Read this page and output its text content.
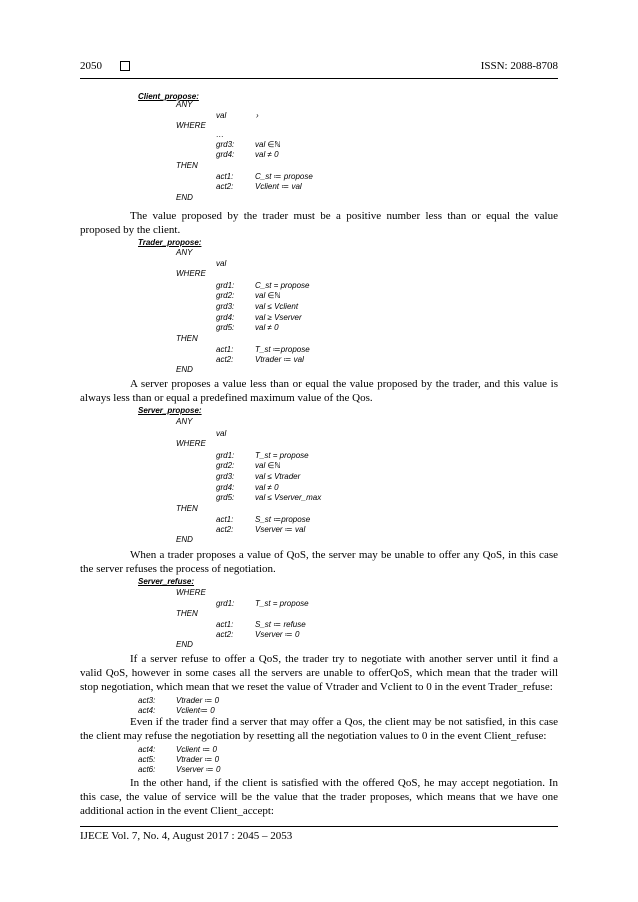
2050	ISSN: 2088-8708
Client_propose:
ANY
val	›
WHERE
…
grd3:	val ∈ℕ
grd4:	val ≠ 0
THEN
act1:	C_st ≔ propose
act2:	Vclient ≔ val
END

The value proposed by the trader must be a positive number less than or equal the value proposed by the client.

Trader_propose:
ANY
val
WHERE
grd1:	C_st = propose
grd2:	val ∈ℕ
grd3:	val ≤ Vclient
grd4:	val ≥ Vserver
grd5:	val ≠ 0
THEN
act1:	T_st ≔propose
act2:	Vtrader ≔ val
END

A server proposes a value less than or equal the value proposed by the trader, and this value is always less than or equal a predefined maximum value of the Qos.

Server_propose:
ANY
val
WHERE
grd1:	T_st = propose
grd2:	val ∈ℕ
grd3:	val ≤ Vtrader
grd4:	val ≠ 0
grd5:	val ≤ Vserver_max
THEN
act1:	S_st ≔propose
act2:	Vserver ≔ val
END

When a trader proposes a value of QoS, the server may be unable to offer any QoS, in this case the server refuses the process of negotiation.

Server_refuse:
WHERE
grd1:	T_st = propose
THEN
act1:	S_st ≔ refuse
act2:	Vserver ≔ 0
END

If a server refuse to offer a QoS, the trader try to negotiate with another server until it find a valid QoS, however in some cases all the servers are unable to offerQoS, which mean that the trader will stop negotiation, which mean that we reset the value of Vtrader and Vclient to 0 in the event Trader_refuse:

act3:	Vtrader ≔ 0
act4:	Vclient≔ 0

Even if the trader find a server that may offer a Qos, the client may be not satisfied, in this case the client may refuse the negotiation by resetting all the negotiation values to 0 in the event Client_refuse:

act4:	Vclient ≔ 0
act5:	Vtrader ≔ 0
act6:	Vserver ≔ 0

In the other hand, if the client is satisfied with the offered QoS, he may accept negotiation. In this case, the value of service will be the value that the trader proposes, which means that we have one additional action in the event Client_accept:

IJECE Vol. 7, No. 4, August 2017 : 2045 – 2053
